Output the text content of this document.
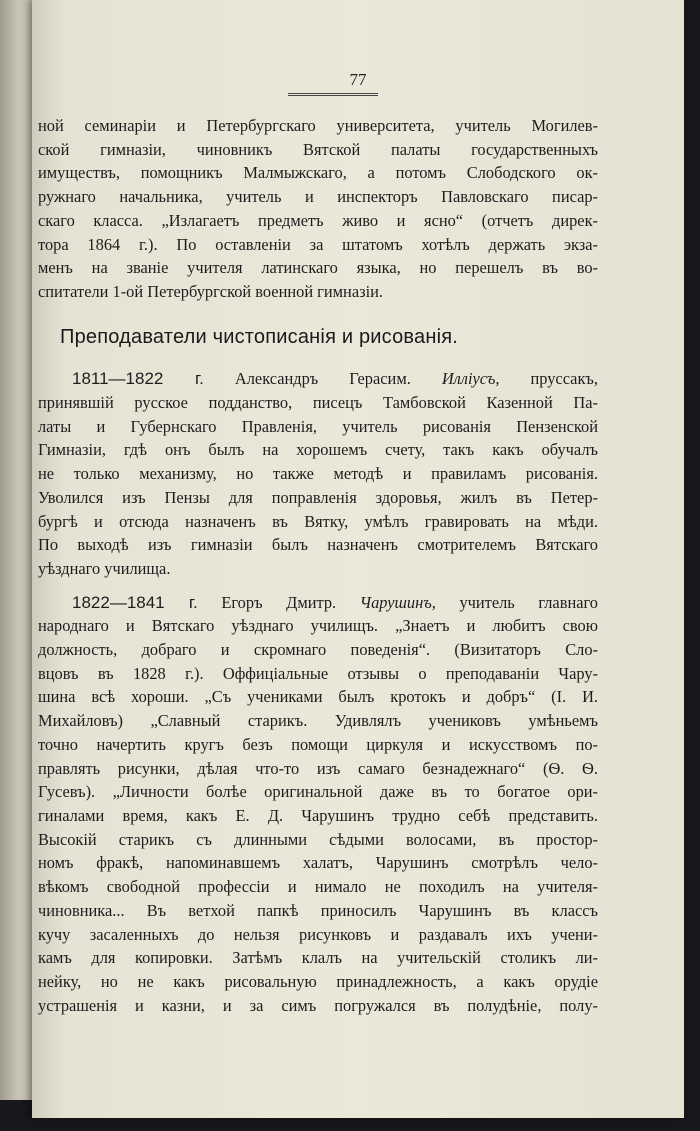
77
ной семинаріи и Петербургскаго университета, учитель Могилев-
ской гимназіи, чиновникъ Вятской палаты государственныхъ
имуществъ, помощникъ Малмыжскаго, а потомъ Слободского ок-
ружнаго начальника, учитель и инспекторъ Павловскаго писар-
скаго класса. „Излагаетъ предметъ живо и ясно“ (отчетъ дирек-
тора 1864 г.). По оставленіи за штатомъ хотѣлъ держать экза-
менъ на званіе учителя латинскаго языка, но перешелъ въ во-
спитатели 1-ой Петербургской военной гимназіи.
Преподаватели чистописанія и рисованія.
1811—1822 г. Александръ Герасим. Иллiусъ, пруссакъ,
принявшій русское подданство, писецъ Тамбовской Казенной Па-
латы и Губернскаго Правленія, учитель рисованія Пензенской
Гимназіи, гдѣ онъ былъ на хорошемъ счету, такъ какъ обучалъ
не только механизму, но также методѣ и правиламъ рисованія.
Уволился изъ Пензы для поправленія здоровья, жилъ въ Петер-
бургѣ и отсюда назначенъ въ Вятку, умѣлъ гравировать на мѣди.
По выходѣ изъ гимназіи былъ назначенъ смотрителемъ Вятскаго
уѣзднаго училища.
1822—1841 г. Егоръ Дмитр. Чарушинъ, учитель главнаго
народнаго и Вятскаго уѣзднаго училищъ. „Знаетъ и любитъ свою
должность, добраго и скромнаго поведенія“. (Визитаторъ Сло-
вцовъ въ 1828 г.). Оффиціальные отзывы о преподаваніи Чару-
шина всѣ хороши. „Съ учениками былъ кротокъ и добръ“ (І. И.
Михайловъ) „Славный старикъ. Удивлялъ учениковъ умѣньемъ
точно начертить кругъ безъ помощи циркуля и искусствомъ по-
правлять рисунки, дѣлая что-то изъ самаго безнадежнаго“ (Ѳ. Ѳ.
Гусевъ). „Личности болѣе оригинальной даже въ то богатое ори-
гиналами время, какъ Е. Д. Чарушинъ трудно себѣ представить.
Высокій старикъ съ длинными сѣдыми волосами, въ простор-
номъ фракѣ, напоминавшемъ халатъ, Чарушинъ смотрѣлъ чело-
вѣкомъ свободной профессіи и нимало не походилъ на учителя-
чиновника... Въ ветхой папкѣ приносилъ Чарушинъ въ классъ
кучу засаленныхъ до нельзя рисунковъ и раздавалъ ихъ учени-
камъ для копировки. Затѣмъ клалъ на учительскій столикъ ли-
нейку, но не какъ рисовальную принадлежность, а какъ орудіе
устрашенія и казни, и за симъ погружался въ полудѣніе, полу-
